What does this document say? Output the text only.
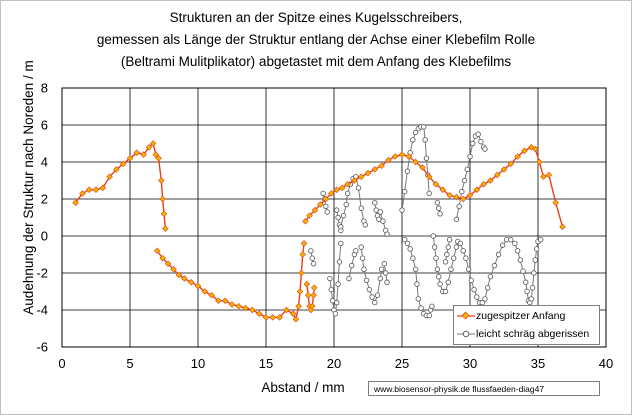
Strukturen an der Spitze eines Kugelsschreibers,
gemessen als Länge der Struktur entlang der Achse einer Klebefilm Rolle
(Beltrami Mulitplikator) abgetastet mit dem Anfang des Klebefilms
-6
-4
-2
0
2
4
6
8
0	5	10	15	20	25	30	35	40
Abstand / mm
Audehnung der Struktur nach Noreden / m
zugespitzer Anfang
leicht schräg abgerissen
www.biosensor-physik.de flussfaeden-diag47
